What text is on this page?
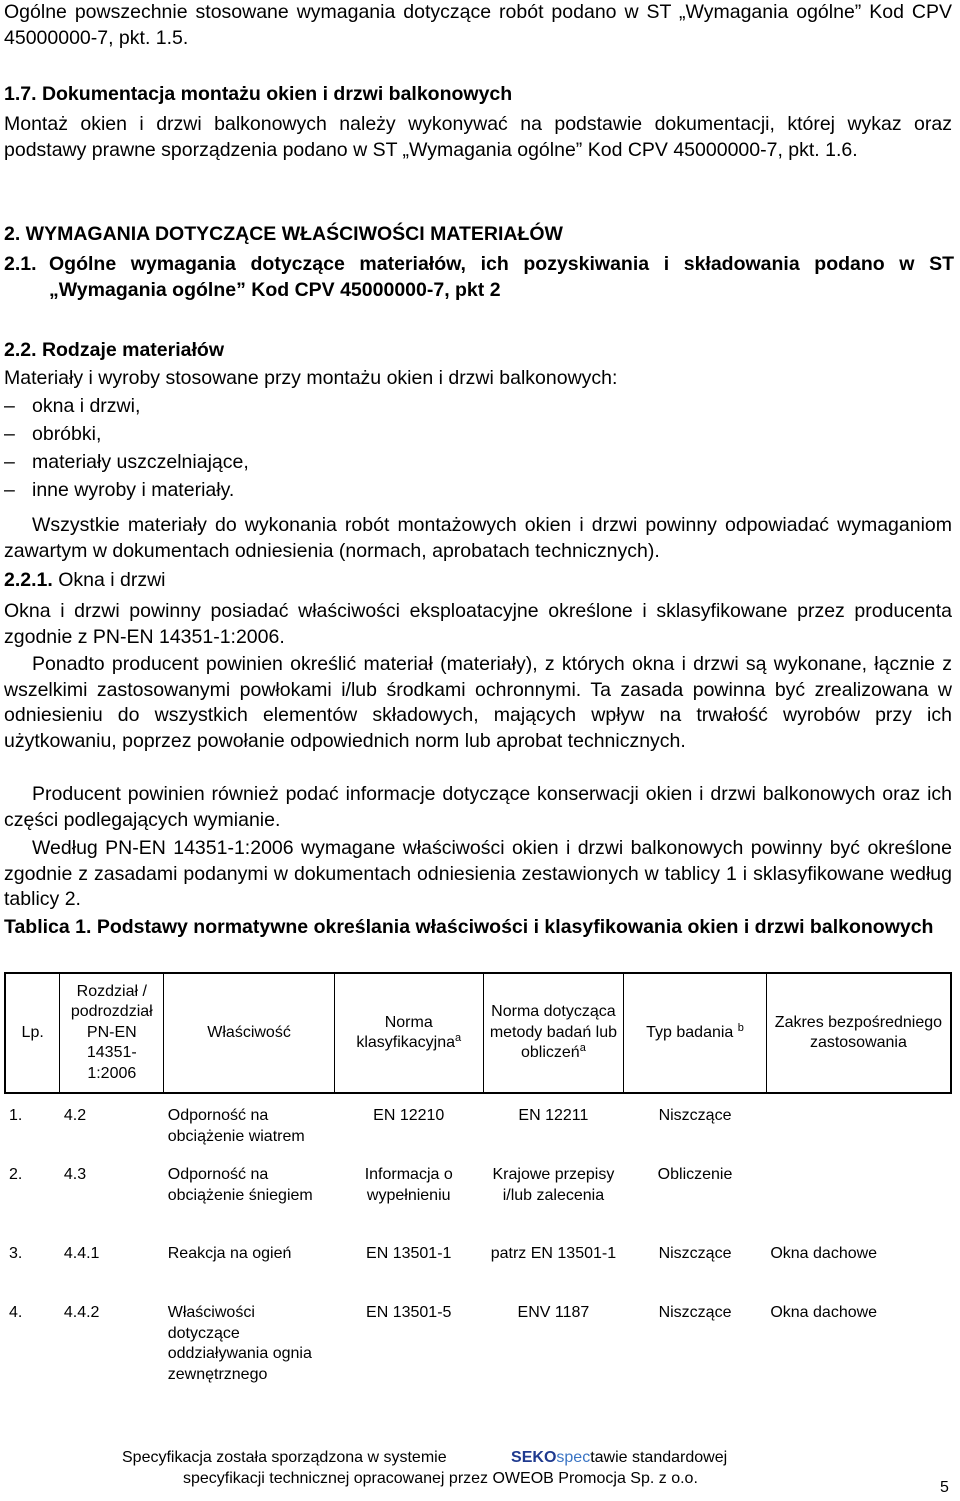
Ogólne powszechnie stosowane wymagania dotyczące robót podano w ST „Wymagania ogólne” Kod CPV 45000000-7, pkt. 1.5.
1.7. Dokumentacja montażu okien i drzwi balkonowych
Montaż okien i drzwi balkonowych należy wykonywać na podstawie dokumentacji, której wykaz oraz podstawy prawne sporządzenia podano w ST „Wymagania ogólne” Kod CPV 45000000-7, pkt. 1.6.
2. WYMAGANIA DOTYCZĄCE WŁAŚCIWOŚCI MATERIAŁÓW
2.1. Ogólne wymagania dotyczące materiałów, ich pozyskiwania i składowania podano w ST „Wymagania ogólne” Kod CPV 45000000-7, pkt 2
2.2. Rodzaje materiałów
Materiały i wyroby stosowane przy montażu okien i drzwi balkonowych:
– okna i drzwi,
– obróbki,
– materiały uszczelniające,
– inne wyroby i materiały.
Wszystkie materiały do wykonania robót montażowych okien i drzwi powinny odpowiadać wymaganiom zawartym w dokumentach odniesienia (normach, aprobatach technicznych).
2.2.1. Okna i drzwi
Okna i drzwi powinny posiadać właściwości eksploatacyjne określone i sklasyfikowane przez producenta zgodnie z PN-EN 14351-1:2006.
Ponadto producent powinien określić materiał (materiały), z których okna i drzwi są wykonane, łącznie z wszelkimi zastosowanymi powłokami i/lub środkami ochronnymi. Ta zasada powinna być zrealizowana w odniesieniu do wszystkich elementów składowych, mających wpływ na trwałość wyrobów przy ich użytkowaniu, poprzez powołanie odpowiednich norm lub aprobat technicznych.
Producent powinien również podać informacje dotyczące konserwacji okien i drzwi balkonowych oraz ich części podlegających wymianie.
Według PN-EN 14351-1:2006 wymagane właściwości okien i drzwi balkonowych powinny być określone zgodnie z zasadami podanymi w dokumentach odniesienia zestawionych w tablicy 1 i sklasyfikowane według tablicy 2.
Tablica 1. Podstawy normatywne określania właściwości i klasyfikowania okien i drzwi balkonowych
Lp.	Rozdział / podrozdział PN-EN 14351-1:2006	Właściwość	Norma klasyfikacyjna$^a$	Norma dotycząca metody badań lub obliczeń$^a$	Typ badania $^b$	Zakres bezpośredniego zastosowania
1.	4.2	Odporność na obciążenie wiatrem	EN 12210	EN 12211	Niszczące	
2.	4.3	Odporność na obciążenie śniegiem	Informacja o wypełnieniu	Krajowe przepisy i/lub zalecenia	Obliczenie	
3.	4.4.1	Reakcja na ogień	EN 13501-1	patrz EN 13501-1	Niszczące	Okna dachowe
4.	4.4.2	Właściwości dotyczące oddziaływania ognia zewnętrznego	EN 13501-5	ENV 1187	Niszczące	Okna dachowe
Specyfikacja została sporządzona w systemie	SEKOspectawie standardowej
specyfikacji technicznej opracowanej przez OWEOB Promocja Sp. z o.o.
5
